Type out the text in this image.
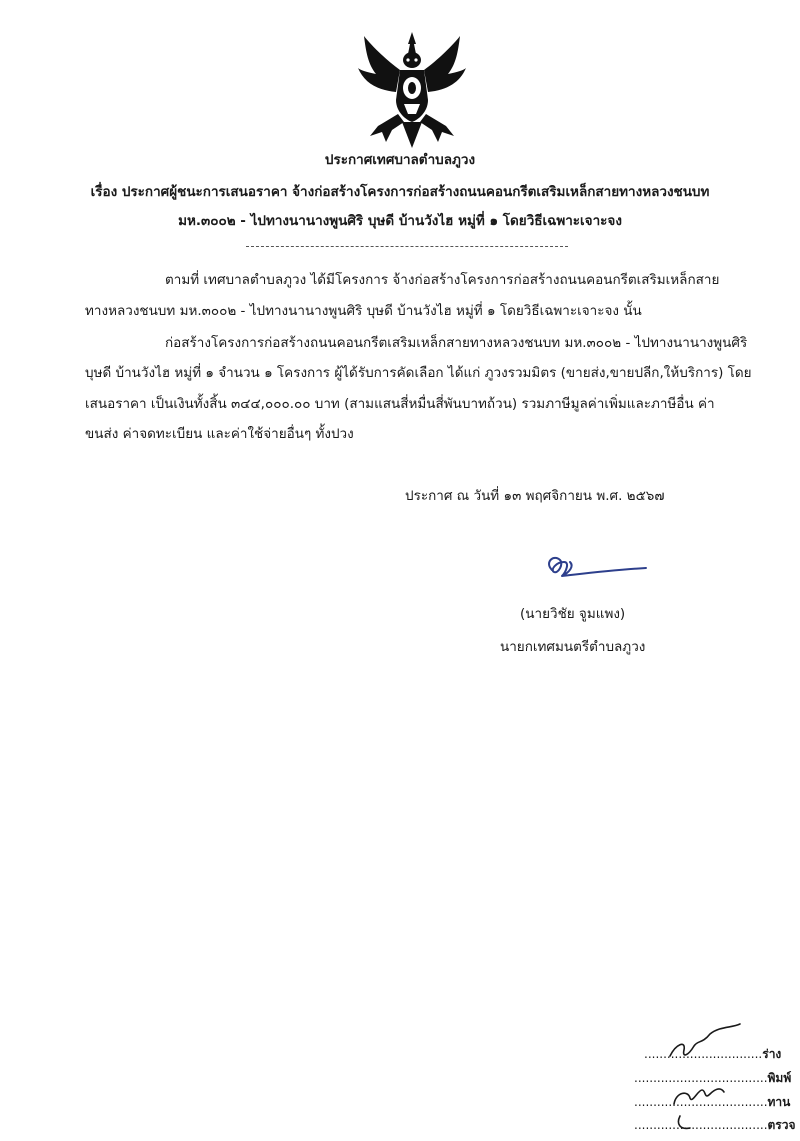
ประกาศเทศบาลตำบลภูวง
เรื่อง ประกาศผู้ชนะการเสนอราคา จ้างก่อสร้างโครงการก่อสร้างถนนคอนกรีตเสริมเหล็กสายทางหลวงชนบท
มห.๓๐๐๒ - ไปทางนานางพูนศิริ บุษดี บ้านวังไฮ หมู่ที่ ๑ โดยวิธีเฉพาะเจาะจง
ตามที่ เทศบาลตำบลภูวง ได้มีโครงการ จ้างก่อสร้างโครงการก่อสร้างถนนคอนกรีตเสริมเหล็กสาย
ทางหลวงชนบท มห.๓๐๐๒ - ไปทางนานางพูนศิริ บุษดี บ้านวังไฮ หมู่ที่ ๑ โดยวิธีเฉพาะเจาะจง นั้น
ก่อสร้างโครงการก่อสร้างถนนคอนกรีตเสริมเหล็กสายทางหลวงชนบท มห.๓๐๐๒ - ไปทางนานางพูนศิริ
บุษดี บ้านวังไฮ หมู่ที่ ๑ จำนวน ๑ โครงการ ผู้ได้รับการคัดเลือก ได้แก่ ภูวงรวมมิตร (ขายส่ง,ขายปลีก,ให้บริการ) โดย
เสนอราคา เป็นเงินทั้งสิ้น ๓๔๔,๐๐๐.๐๐ บาท (สามแสนสี่หมื่นสี่พันบาทถ้วน) รวมภาษีมูลค่าเพิ่มและภาษีอื่น ค่า
ขนส่ง ค่าจดทะเบียน และค่าใช้จ่ายอื่นๆ ทั้งปวง
ประกาศ ณ วันที่ ๑๓ พฤศจิกายน พ.ศ. ๒๕๖๗
(นายวิชัย จูมแพง)
นายกเทศมนตรีตำบลภูวง
...............................ร่าง
...................................พิมพ์
...................................ทาน
...................................ตรวจ
